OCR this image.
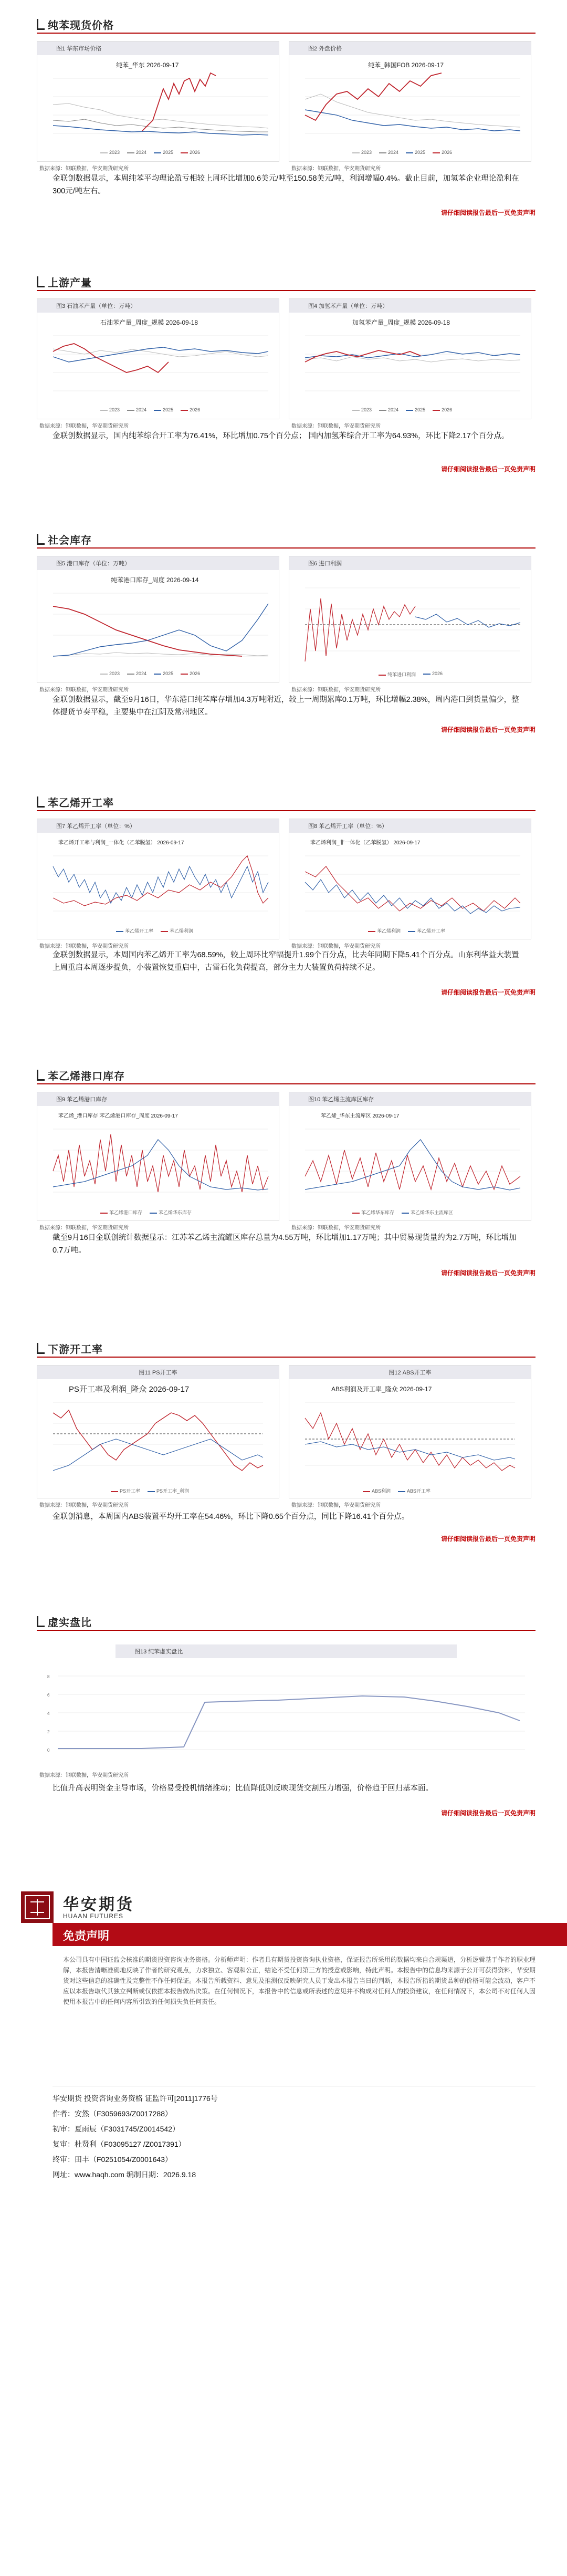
纯苯现货价格
图1 华东市场价格
纯苯_华东 2026-09-17
2023	2024	2025	2026
图2 外盘价格
纯苯_韩国FOB 2026-09-17
2023	2024	2025	2026
数据来源：钢联数据，华安期货研究所	数据来源：钢联数据，华安期货研究所
金联创数据显示，本周纯苯平均理论盈亏相较上周环比增加0.6美元/吨至150.58美元/吨，利润增幅0.4%。截止目前，加氢苯企业理论盈利在300元/吨左右。
请仔细阅读报告最后一页免责声明
上游产量
图3 石油苯产量（单位：万吨）
石油苯产量_周度_规模 2026-09-18
2023	2024	2025	2026
图4 加氢苯产量（单位：万吨）
加氢苯产量_周度_规模 2026-09-18
2023	2024	2025	2026
数据来源：钢联数据，华安期货研究所	数据来源：钢联数据，华安期货研究所
金联创数据显示，国内纯苯综合开工率为76.41%，环比增加0.75个百分点； 国内加氢苯综合开工率为64.93%，环比下降2.17个百分点。
请仔细阅读报告最后一页免责声明
社会库存
图5 港口库存（单位：万吨）
纯苯港口库存_周度 2026-09-14
2023	2024	2025	2026
图6 进口利润
纯苯进口利润	2026
数据来源：钢联数据，华安期货研究所	数据来源：钢联数据，华安期货研究所
金联创数据显示，截至9月16日，华东港口纯苯库存增加4.3万吨附近，较上一周期累库0.1万吨，环比增幅2.38%，周内港口到货量偏少，整体提货节奏平稳，主要集中在江阴及常州地区。
请仔细阅读报告最后一页免责声明
苯乙烯开工率
图7 苯乙烯开工率（单位：%）
苯乙烯开工率与利润_一体化（乙苯脱氢） 2026-09-17
苯乙烯开工率	苯乙烯利润
图8 苯乙烯开工率（单位：%）
苯乙烯利润_非一体化（乙苯脱氢） 2026-09-17
苯乙烯利润	苯乙烯开工率
数据来源：钢联数据，华安期货研究所	数据来源：钢联数据，华安期货研究所
金联创数据显示，本周国内苯乙烯开工率为68.59%，较上周环比窄幅提升1.99个百分点，比去年同期下降5.41个百分点。山东利华益大装置上周重启本周逐步提负，小装置恢复重启中，古雷石化负荷提高，部分主力大装置负荷持续不足。
请仔细阅读报告最后一页免责声明
苯乙烯港口库存
图9 苯乙烯港口库存
苯乙烯_港口库存 苯乙烯港口库存_周度 2026-09-17
苯乙烯港口库存	苯乙烯华东库存
图10 苯乙烯主流库区库存
苯乙烯_华东主流库区 2026-09-17
苯乙烯华东库存	苯乙烯华东主流库区
数据来源：钢联数据，华安期货研究所	数据来源：钢联数据，华安期货研究所
截至9月16日金联创统计数据显示：江苏苯乙烯主流罐区库存总量为4.55万吨，环比增加1.17万吨；其中贸易现货量约为2.7万吨，环比增加0.7万吨。
请仔细阅读报告最后一页免责声明
下游开工率
图11 PS开工率
PS开工率及利润_隆众 2026-09-17
PS开工率	PS开工率_利润
图12 ABS开工率
ABS利润及开工率_隆众 2026-09-17
ABS利润	ABS开工率
数据来源：钢联数据，华安期货研究所	数据来源：钢联数据，华安期货研究所
金联创消息，本周国内ABS装置平均开工率在54.46%，环比下降0.65个百分点，同比下降16.41个百分点。
请仔细阅读报告最后一页免责声明
虚实盘比
图13 纯苯虚实盘比
8
6
4
2
0
数据来源：钢联数据，华安期货研究所
比值升高表明资金主导市场，价格易受投机情绪推动；比值降低则反映现货交割压力增强，价格趋于回归基本面。
请仔细阅读报告最后一页免责声明
华安期货
HUAAN FUTURES
免责声明
本公司具有中国证监会核准的期货投资咨询业务资格。分析师声明：作者具有期货投资咨询执业资格，保证报告所采用的数据均来自合规渠道，分析逻辑基于作者的职业理解，本报告清晰准确地反映了作者的研究观点，力求独立、客观和公正，结论不受任何第三方的授意或影响，特此声明。本报告中的信息均来源于公开可获得资料，华安期货对这些信息的准确性及完整性不作任何保证。本报告所载资料、意见及推测仅反映研究人员于发出本报告当日的判断，本报告所指的期货品种的价格可能会波动，客户不应以本报告取代其独立判断或仅依据本报告做出决策。在任何情况下，本报告中的信息或所表述的意见并不构成对任何人的投资建议，在任何情况下，本公司不对任何人因使用本报告中的任何内容所引致的任何损失负任何责任。
华安期货 投资咨询业务资格 证监许可[2011]1776号
作者：安然（F3059693/Z0017288）
初审：夏雨辰（F3031745/Z0014542）
复审：杜贤利（F03095127 /Z0017391）
终审：田丰（F0251054/Z0001643）
网址：www.haqh.com 编制日期：2026.9.18
